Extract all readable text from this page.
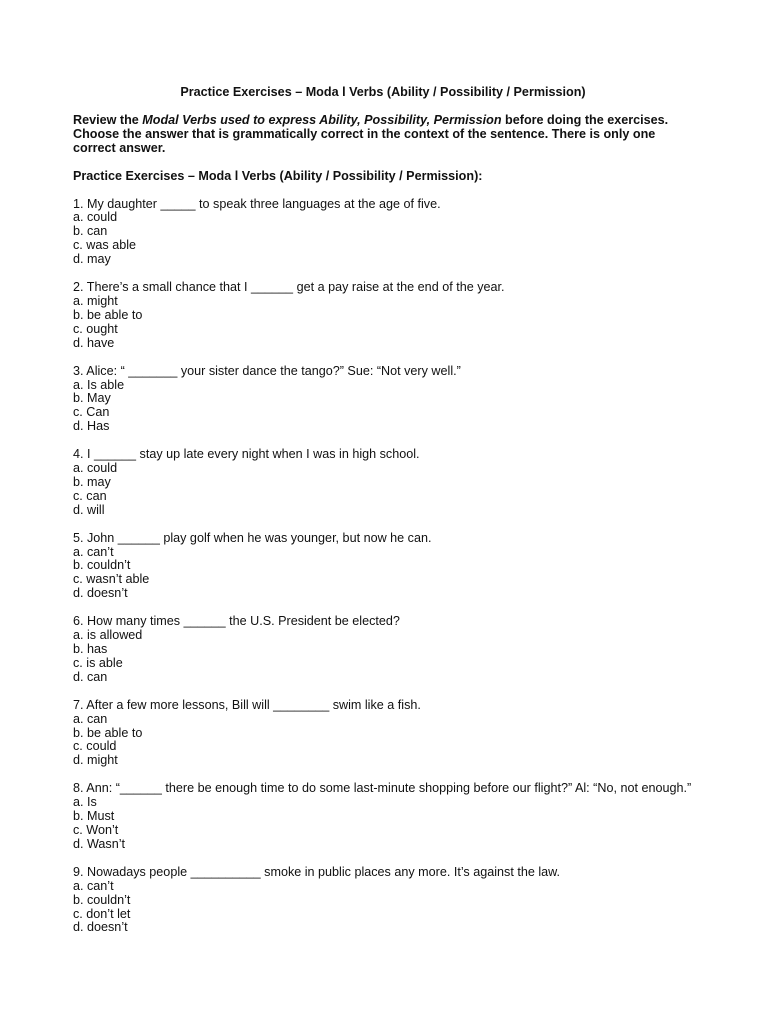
Practice Exercises – Moda l Verbs (Ability / Possibility / Permission)

Review the Modal Verbs used to express Ability, Possibility, Permission before doing the exercises. Choose the answer that is grammatically correct in the context of the sentence. There is only one correct answer.

Practice Exercises – Moda l Verbs (Ability / Possibility / Permission):

1. My daughter _____ to speak three languages at the age of five.

a. could

b. can

c. was able

d. may

2. There’s a small chance that I ______ get a pay raise at the end of the year.

a. might

b. be able to

c. ought

d. have

3. Alice: “ _______ your sister dance the tango?” Sue: “Not very well.”

a. Is able

b. May

c. Can

d. Has

4. I ______ stay up late every night when I was in high school.

a. could

b. may

c. can

d. will

5. John ______ play golf when he was younger, but now he can.

a. can’t

b. couldn’t

c. wasn’t able

d. doesn’t

6. How many times ______ the U.S. President be elected?

a. is allowed

b. has

c. is able

d. can

7. After a few more lessons, Bill will ________ swim like a fish.

a. can

b. be able to

c. could

d. might

8. Ann: “______ there be enough time to do some last-minute shopping before our flight?” Al: “No, not enough.”

a. Is

b. Must

c. Won’t

d. Wasn’t

9. Nowadays people __________ smoke in public places any more. It’s against the law.

a. can’t

b. couldn’t

c. don’t let

d. doesn’t
